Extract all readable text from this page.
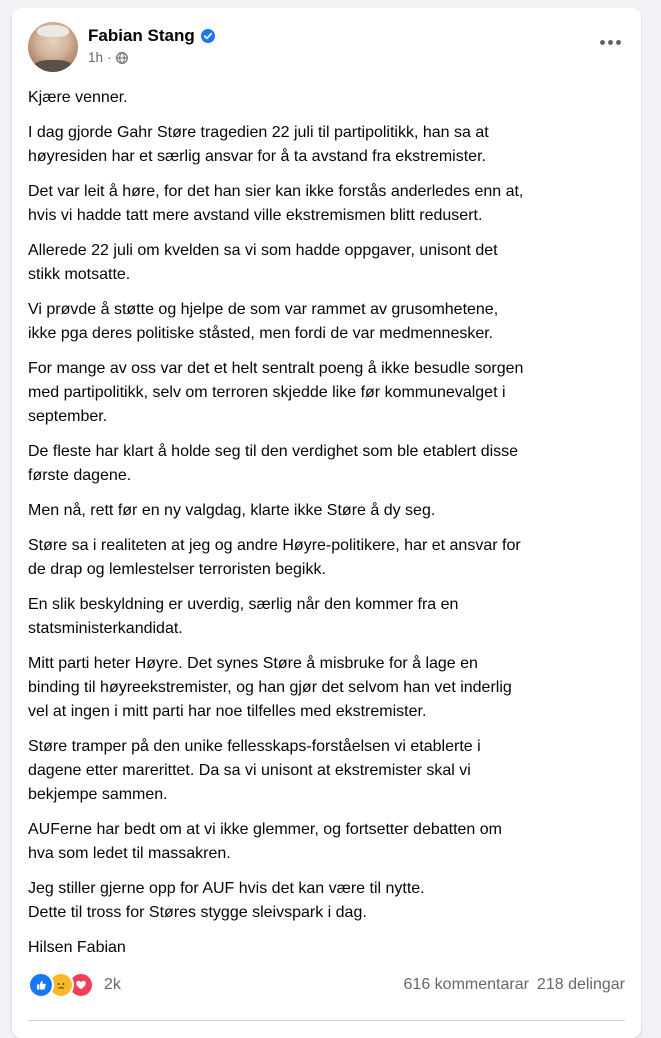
Fabian Stang
1h ·

Kjære venner.

I dag gjorde Gahr Støre tragedien 22 juli til partipolitikk, han sa at
høyresiden har et særlig ansvar for å ta avstand fra ekstremister.

Det var leit å høre, for det han sier kan ikke forstås anderledes enn at,
hvis vi hadde tatt mere avstand ville ekstremismen blitt redusert.

Allerede 22 juli om kvelden sa vi som hadde oppgaver, unisont det
stikk motsatte.

Vi prøvde å støtte og hjelpe de som var rammet av grusomhetene,
ikke pga deres politiske ståsted, men fordi de var medmennesker.

For mange av oss var det et helt sentralt poeng å ikke besudle sorgen
med partipolitikk, selv om terroren skjedde like før kommunevalget i
september.

De fleste har klart å holde seg til den verdighet som ble etablert disse
første dagene.

Men nå, rett før en ny valgdag, klarte ikke Støre å dy seg.

Støre sa i realiteten at jeg og andre Høyre-politikere, har et ansvar for
de drap og lemlestelser terroristen begikk.

En slik beskyldning er uverdig, særlig når den kommer fra en
statsministerkandidat.

Mitt parti heter Høyre. Det synes Støre å misbruke for å lage en
binding til høyreekstremister, og han gjør det selvom han vet inderlig
vel at ingen i mitt parti har noe tilfelles med ekstremister.

Støre tramper på den unike fellesskaps-forståelsen vi etablerte i
dagene etter marerittet. Da sa vi unisont at ekstremister skal vi
bekjempe sammen.

AUFerne har bedt om at vi ikke glemmer, og fortsetter debatten om
hva som ledet til massakren.

Jeg stiller gjerne opp for AUF hvis det kan være til nytte.
Dette til tross for Støres stygge sleivspark i dag.

Hilsen Fabian

2k	616 kommentarar 218 delingar
